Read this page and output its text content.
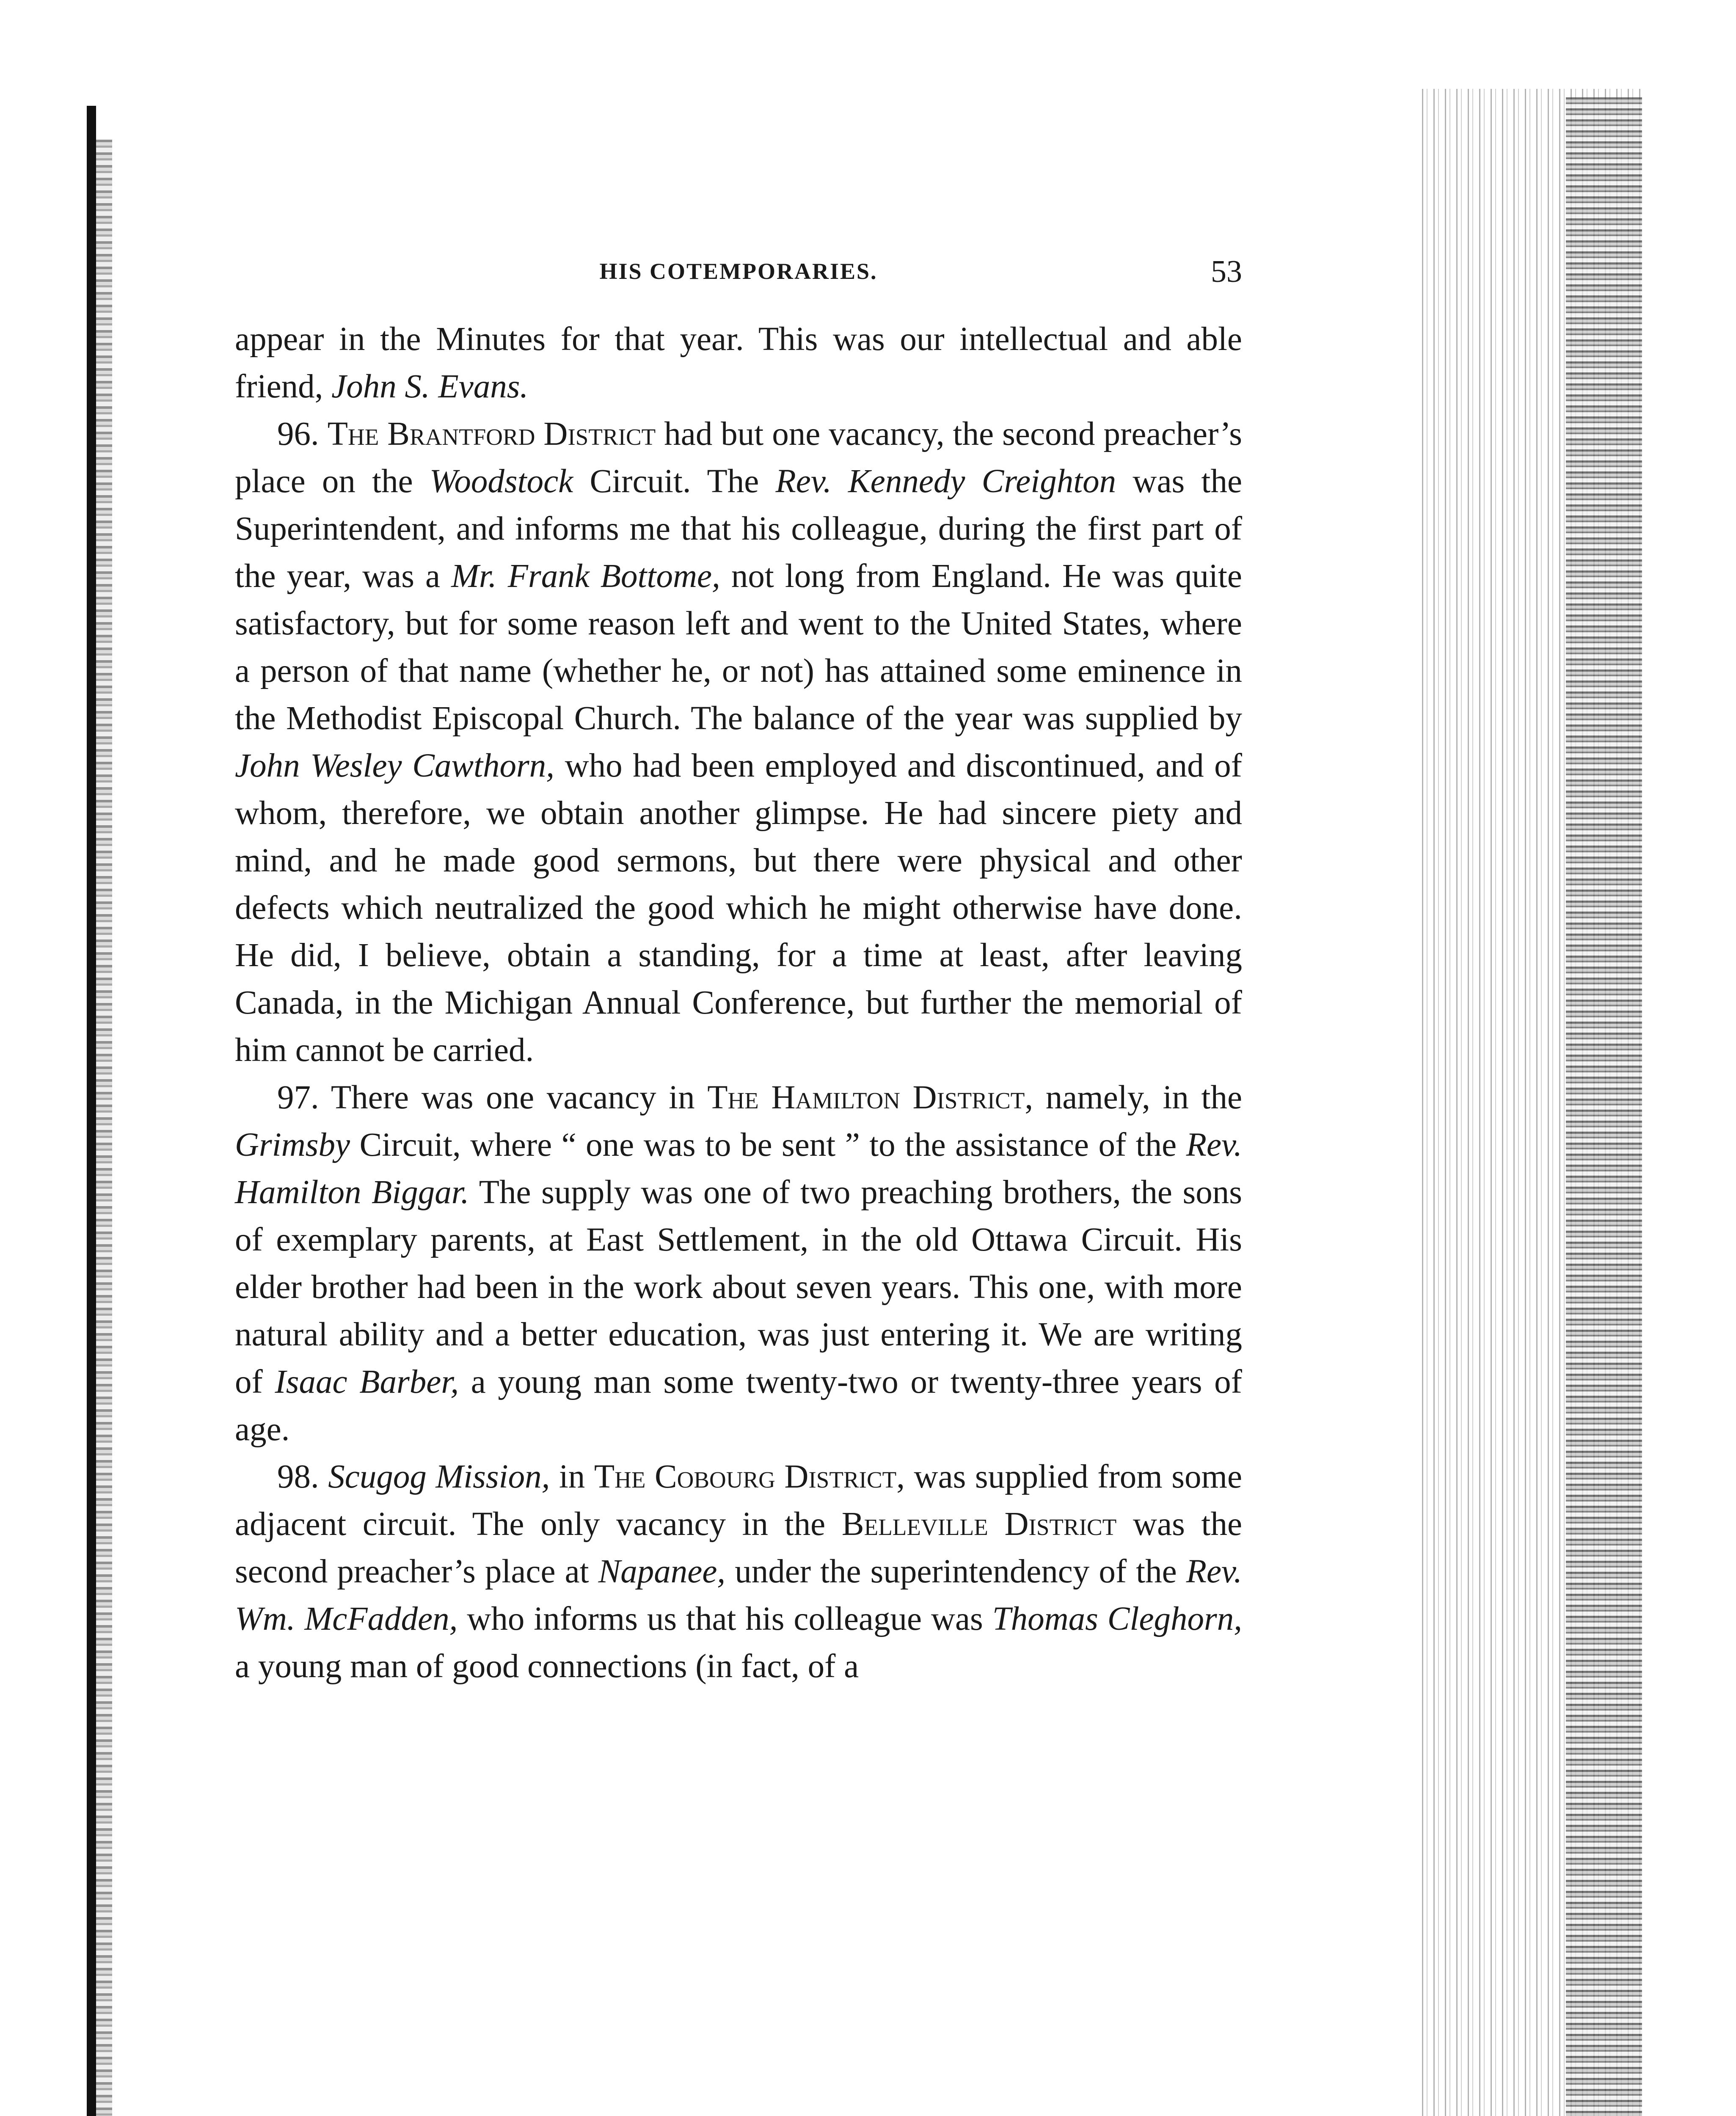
HIS COTEMPORARIES.	53

appear in the Minutes for that year. This was our intellectual and able friend, John S. Evans.

96. The Brantford District had but one vacancy, the second preacher’s place on the Woodstock Circuit. The Rev. Kennedy Creighton was the Superintendent, and informs me that his colleague, during the first part of the year, was a Mr. Frank Bottome, not long from England. He was quite satisfactory, but for some reason left and went to the United States, where a person of that name (whether he, or not) has attained some eminence in the Methodist Episcopal Church. The balance of the year was supplied by John Wesley Cawthorn, who had been employed and discontinued, and of whom, therefore, we obtain another glimpse. He had sincere piety and mind, and he made good sermons, but there were physical and other defects which neutralized the good which he might otherwise have done. He did, I believe, obtain a standing, for a time at least, after leaving Canada, in the Michigan Annual Conference, but further the memorial of him cannot be carried.

97. There was one vacancy in The Hamilton District, namely, in the Grimsby Circuit, where “ one was to be sent ” to the assistance of the Rev. Hamilton Biggar. The supply was one of two preaching brothers, the sons of exemplary parents, at East Settlement, in the old Ottawa Circuit. His elder brother had been in the work about seven years. This one, with more natural ability and a better education, was just entering it. We are writing of Isaac Barber, a young man some twenty-two or twenty-three years of age.

98. Scugog Mission, in The Cobourg District, was supplied from some adjacent circuit. The only vacancy in the Belleville District was the second preacher’s place at Napanee, under the superintendency of the Rev. Wm. McFadden, who informs us that his colleague was Thomas Cleghorn, a young man of good connections (in fact, of a
